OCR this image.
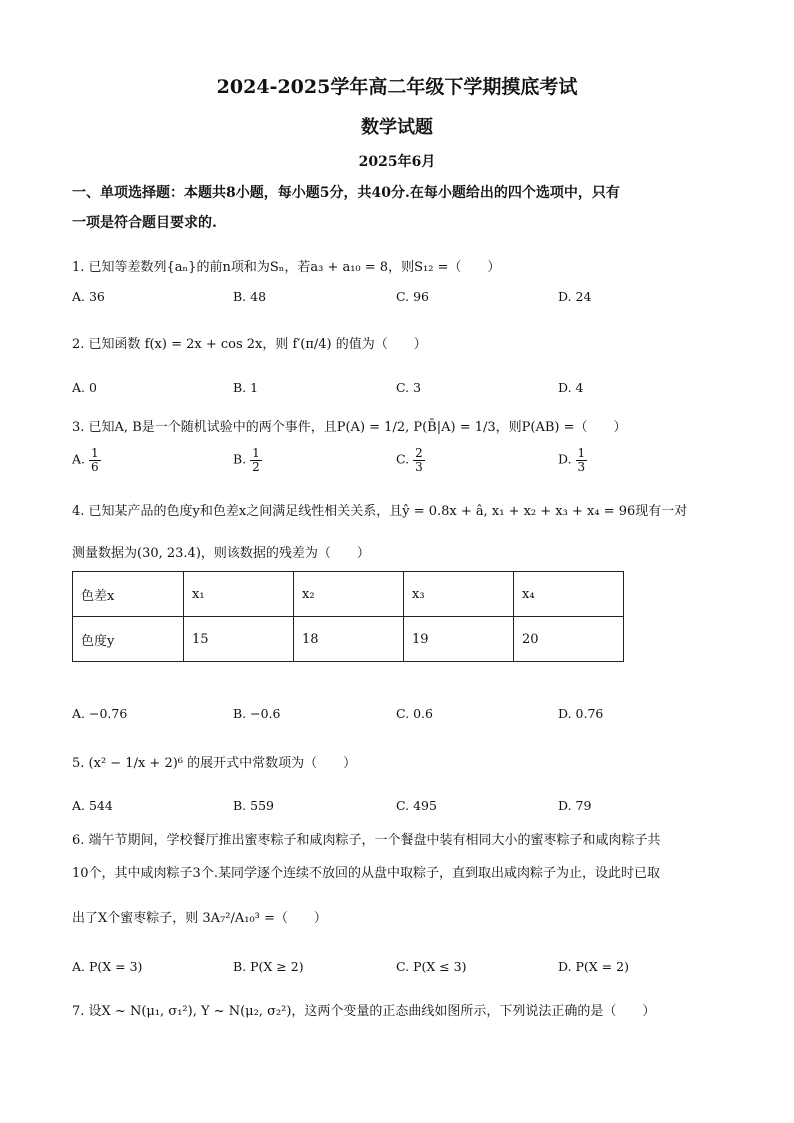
2024-2025学年高二年级下学期摸底考试
数学试题
2025年6月
一、单项选择题：本题共8小题，每小题5分，共40分.在每小题给出的四个选项中，只有
一项是符合题目要求的.
1. 已知等差数列{aₙ}的前n项和为Sₙ，若a₃ + a₁₀ = 8，则S₁₂ =（　　）
A. 36	B. 48	C. 96	D. 24
2. 已知函数 f(x) = 2x + cos 2x，则 f′(π/4) 的值为（　　）
A. 0	B. 1	C. 3	D. 4
3. 已知A, B是一个随机试验中的两个事件，且P(A) = 1/2, P(B̄|A) = 1/3，则P(AB) =（　　）
A. $\frac{1}{6}$	B. $\frac{1}{2}$	C. $\frac{2}{3}$	D. $\frac{1}{3}$
4. 已知某产品的色度y和色差x之间满足线性相关关系，且ŷ = 0.8x + â, x₁ + x₂ + x₃ + x₄ = 96现有一对
测量数据为(30, 23.4)，则该数据的残差为（　　）
色差x	x₁	x₂	x₃	x₄
色度y	15	18	19	20
A. −0.76	B. −0.6	C. 0.6	D. 0.76
5. (x² − 1/x + 2)⁶ 的展开式中常数项为（　　）
A. 544	B. 559	C. 495	D. 79
6. 端午节期间，学校餐厅推出蜜枣粽子和咸肉粽子，一个餐盘中装有相同大小的蜜枣粽子和咸肉粽子共
10个，其中咸肉粽子3个.某同学逐个连续不放回的从盘中取粽子，直到取出咸肉粽子为止，设此时已取
出了X个蜜枣粽子，则 3A₇²/A₁₀³ =（　　）
A. P(X = 3)	B. P(X ≥ 2)	C. P(X ≤ 3)	D. P(X = 2)
7. 设X ~ N(μ₁, σ₁²), Y ~ N(μ₂, σ₂²)，这两个变量的正态曲线如图所示，下列说法正确的是（　　）
